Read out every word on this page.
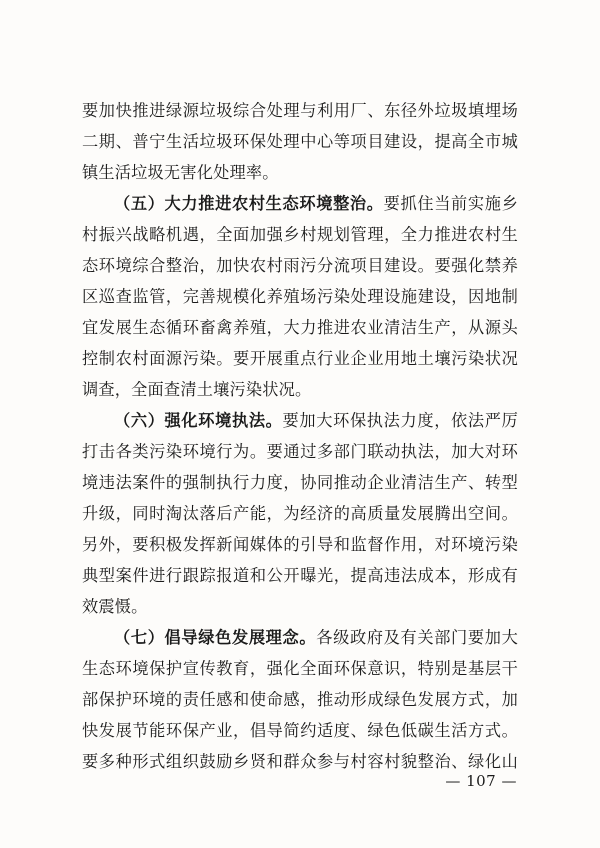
要加快推进绿源垃圾综合处理与利用厂、东径外垃圾填埋场
二期、普宁生活垃圾环保处理中心等项目建设，提高全市城
镇生活垃圾无害化处理率。
（五）大力推进农村生态环境整治。要抓住当前实施乡
村振兴战略机遇，全面加强乡村规划管理，全力推进农村生
态环境综合整治，加快农村雨污分流项目建设。要强化禁养
区巡查监管，完善规模化养殖场污染处理设施建设，因地制
宜发展生态循环畜禽养殖，大力推进农业清洁生产，从源头
控制农村面源污染。要开展重点行业企业用地土壤污染状况
调查，全面查清土壤污染状况。
（六）强化环境执法。要加大环保执法力度，依法严厉
打击各类污染环境行为。要通过多部门联动执法，加大对环
境违法案件的强制执行力度，协同推动企业清洁生产、转型
升级，同时淘汰落后产能，为经济的高质量发展腾出空间。
另外，要积极发挥新闻媒体的引导和监督作用，对环境污染
典型案件进行跟踪报道和公开曝光，提高违法成本，形成有
效震慑。
（七）倡导绿色发展理念。各级政府及有关部门要加大
生态环境保护宣传教育，强化全面环保意识，特别是基层干
部保护环境的责任感和使命感，推动形成绿色发展方式，加
快发展节能环保产业，倡导简约适度、绿色低碳生活方式。
要多种形式组织鼓励乡贤和群众参与村容村貌整治、绿化山
— 107 —
